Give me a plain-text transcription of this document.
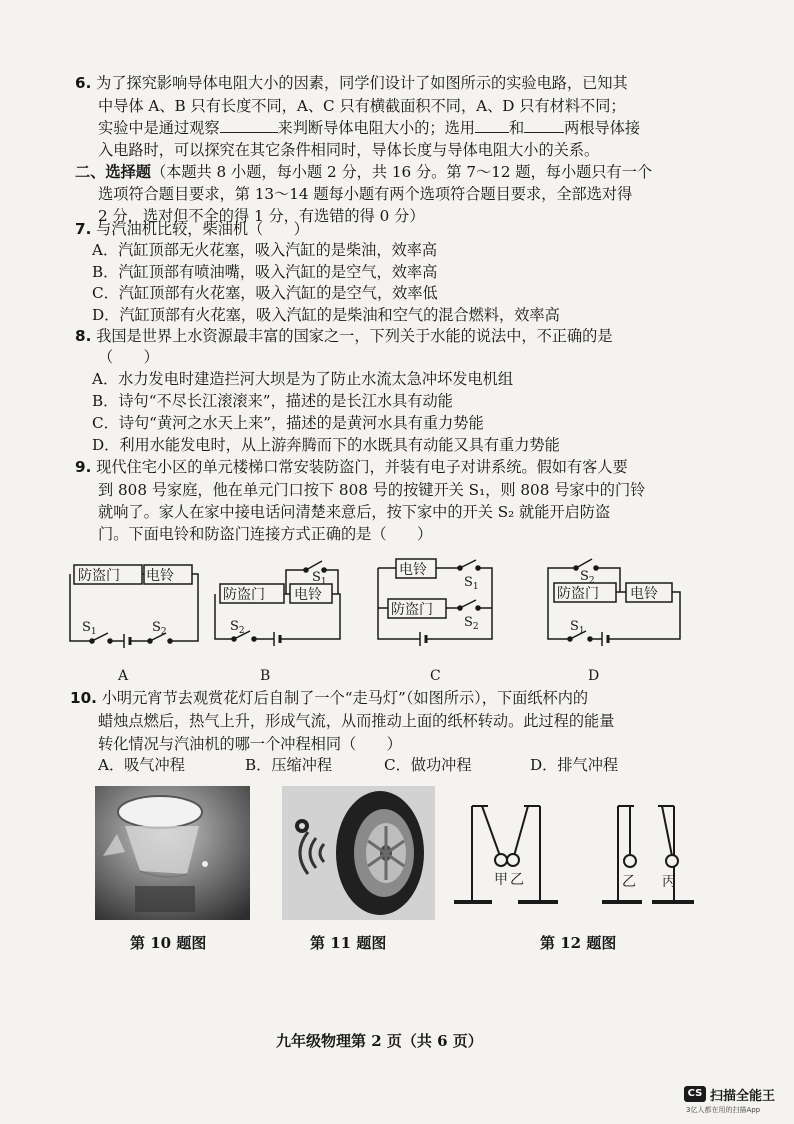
6. 为了探究影响导体电阻大小的因素，同学们设计了如图所示的实验电路，已知其
中导体 A、B 只有长度不同，A、C 只有横截面积不同，A、D 只有材料不同；
实验中是通过观察	来判断导体电阻大小的；选用 和	两根导体接
入电路时，可以探究在其它条件相同时，导体长度与导体电阻大小的关系。
二、选择题（本题共 8 小题，每小题 2 分，共 16 分。第 7～12 题，每小题只有一个
选项符合题目要求，第 13～14 题每小题有两个选项符合题目要求，全部选对得
2 分，选对但不全的得 1 分，有选错的得 0 分）
7. 与汽油机比较，柴油机（　　）
A．汽缸顶部无火花塞，吸入汽缸的是柴油，效率高
B．汽缸顶部有喷油嘴，吸入汽缸的是空气，效率高
C．汽缸顶部有火花塞，吸入汽缸的是空气，效率低
D．汽缸顶部有火花塞，吸入汽缸的是柴油和空气的混合燃料，效率高
8. 我国是世界上水资源最丰富的国家之一，下列关于水能的说法中，不正确的是
（　　）
A．水力发电时建造拦河大坝是为了防止水流太急冲坏发电机组
B．诗句“不尽长江滚滚来”，描述的是长江水具有动能
C．诗句“黄河之水天上来”，描述的是黄河水具有重力势能
D．利用水能发电时，从上游奔腾而下的水既具有动能又具有重力势能
9. 现代住宅小区的单元楼梯口常安装防盗门，并装有电子对讲系统。假如有客人要
到 808 号家庭，他在单元门口按下 808 号的按键开关 S₁，则 808 号家中的门铃
就响了。家人在家中接电话问清楚来意后，按下家中的开关 S₂ 就能开启防盗
门。下面电铃和防盗门连接方式正确的是（　　）
防盗门 电铃
$S_1$	$S_2$
A
防盗门 电铃
$S_1$
$S_2$
B
电铃
防盗门
$S_1$
$S_2$
C
防盗门 电铃
$S_2$
$S_1$
D
10. 小明元宵节去观赏花灯后自制了一个“走马灯”（如图所示），下面纸杯内的
蜡烛点燃后，热气上升，形成气流，从而推动上面的纸杯转动。此过程的能量
转化情况与汽油机的哪一个冲程相同（　　）
A．吸气冲程	B．压缩冲程	C．做功冲程	D．排气冲程
甲 乙	乙 丙
第 10 题图	第 11 题图	第 12 题图
九年级物理第 2 页（共 6 页）
CS 扫描全能王
3亿人都在用的扫描App
